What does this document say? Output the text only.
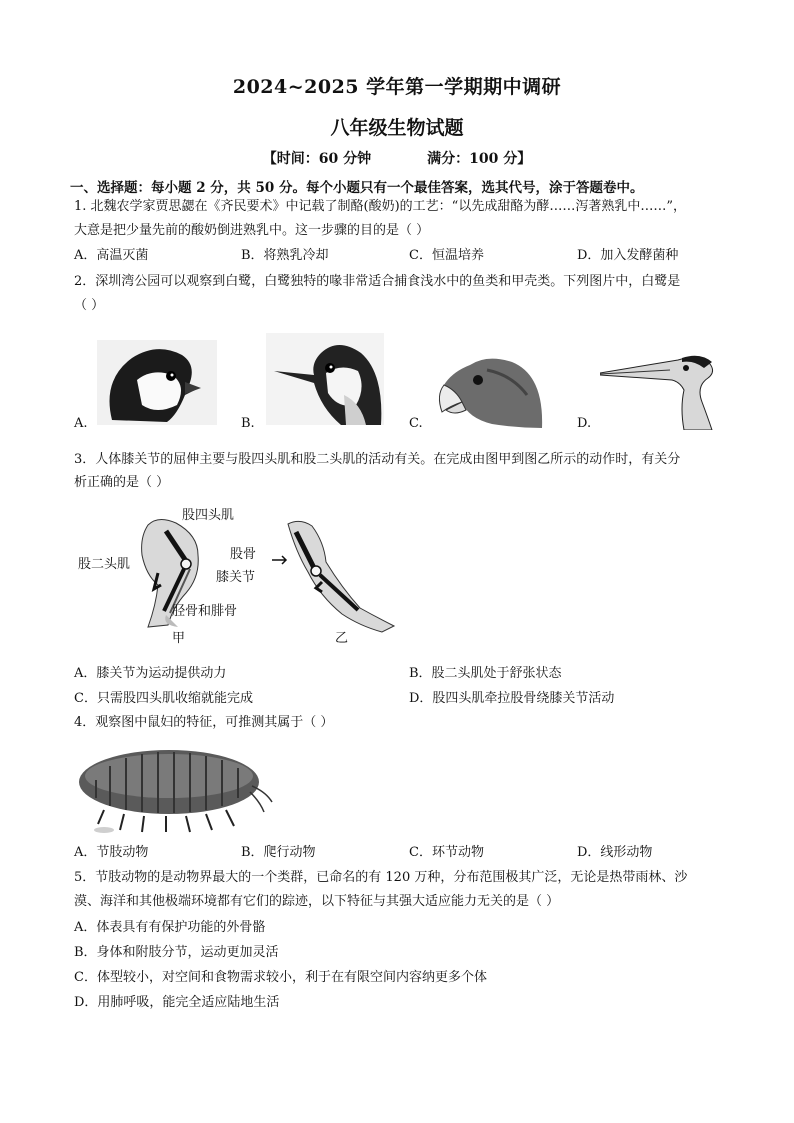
2024~2025 学年第一学期期中调研
八年级生物试题
【时间：60 分钟	满分：100 分】
一、选择题：每小题 2 分，共 50 分。每个小题只有一个最佳答案，选其代号，涂于答题卷中。
1. 北魏农学家贾思勰在《齐民要术》中记载了制酪(酸奶)的工艺：“以先成甜酪为酵……泻著熟乳中……”，
大意是把少量先前的酸奶倒进熟乳中。这一步骤的目的是（ ）
A．高温灭菌	B．将熟乳冷却	C．恒温培养	D．加入发酵菌种
2．深圳湾公园可以观察到白鹭，白鹭独特的喙非常适合捕食浅水中的鱼类和甲壳类。下列图片中，白鹭是
（ ）
A.	B.	C.	D.
3．人体膝关节的屈伸主要与股四头肌和股二头肌的活动有关。在完成由图甲到图乙所示的动作时，有关分
析正确的是（ ）
股四头肌
股二头肌
股骨
膝关节
胫骨和腓骨
甲	乙
A．膝关节为运动提供动力	B．股二头肌处于舒张状态
C．只需股四头肌收缩就能完成	D．股四头肌牵拉股骨绕膝关节活动
4．观察图中鼠妇的特征，可推测其属于（ ）
A．节肢动物	B．爬行动物	C．环节动物	D．线形动物
5．节肢动物的是动物界最大的一个类群，已命名的有 120 万种，分布范围极其广泛，无论是热带雨林、沙
漠、海洋和其他极端环境都有它们的踪迹，以下特征与其强大适应能力无关的是（ ）
A．体表具有有保护功能的外骨骼
B．身体和附肢分节，运动更加灵活
C．体型较小，对空间和食物需求较小，利于在有限空间内容纳更多个体
D．用肺呼吸，能完全适应陆地生活
